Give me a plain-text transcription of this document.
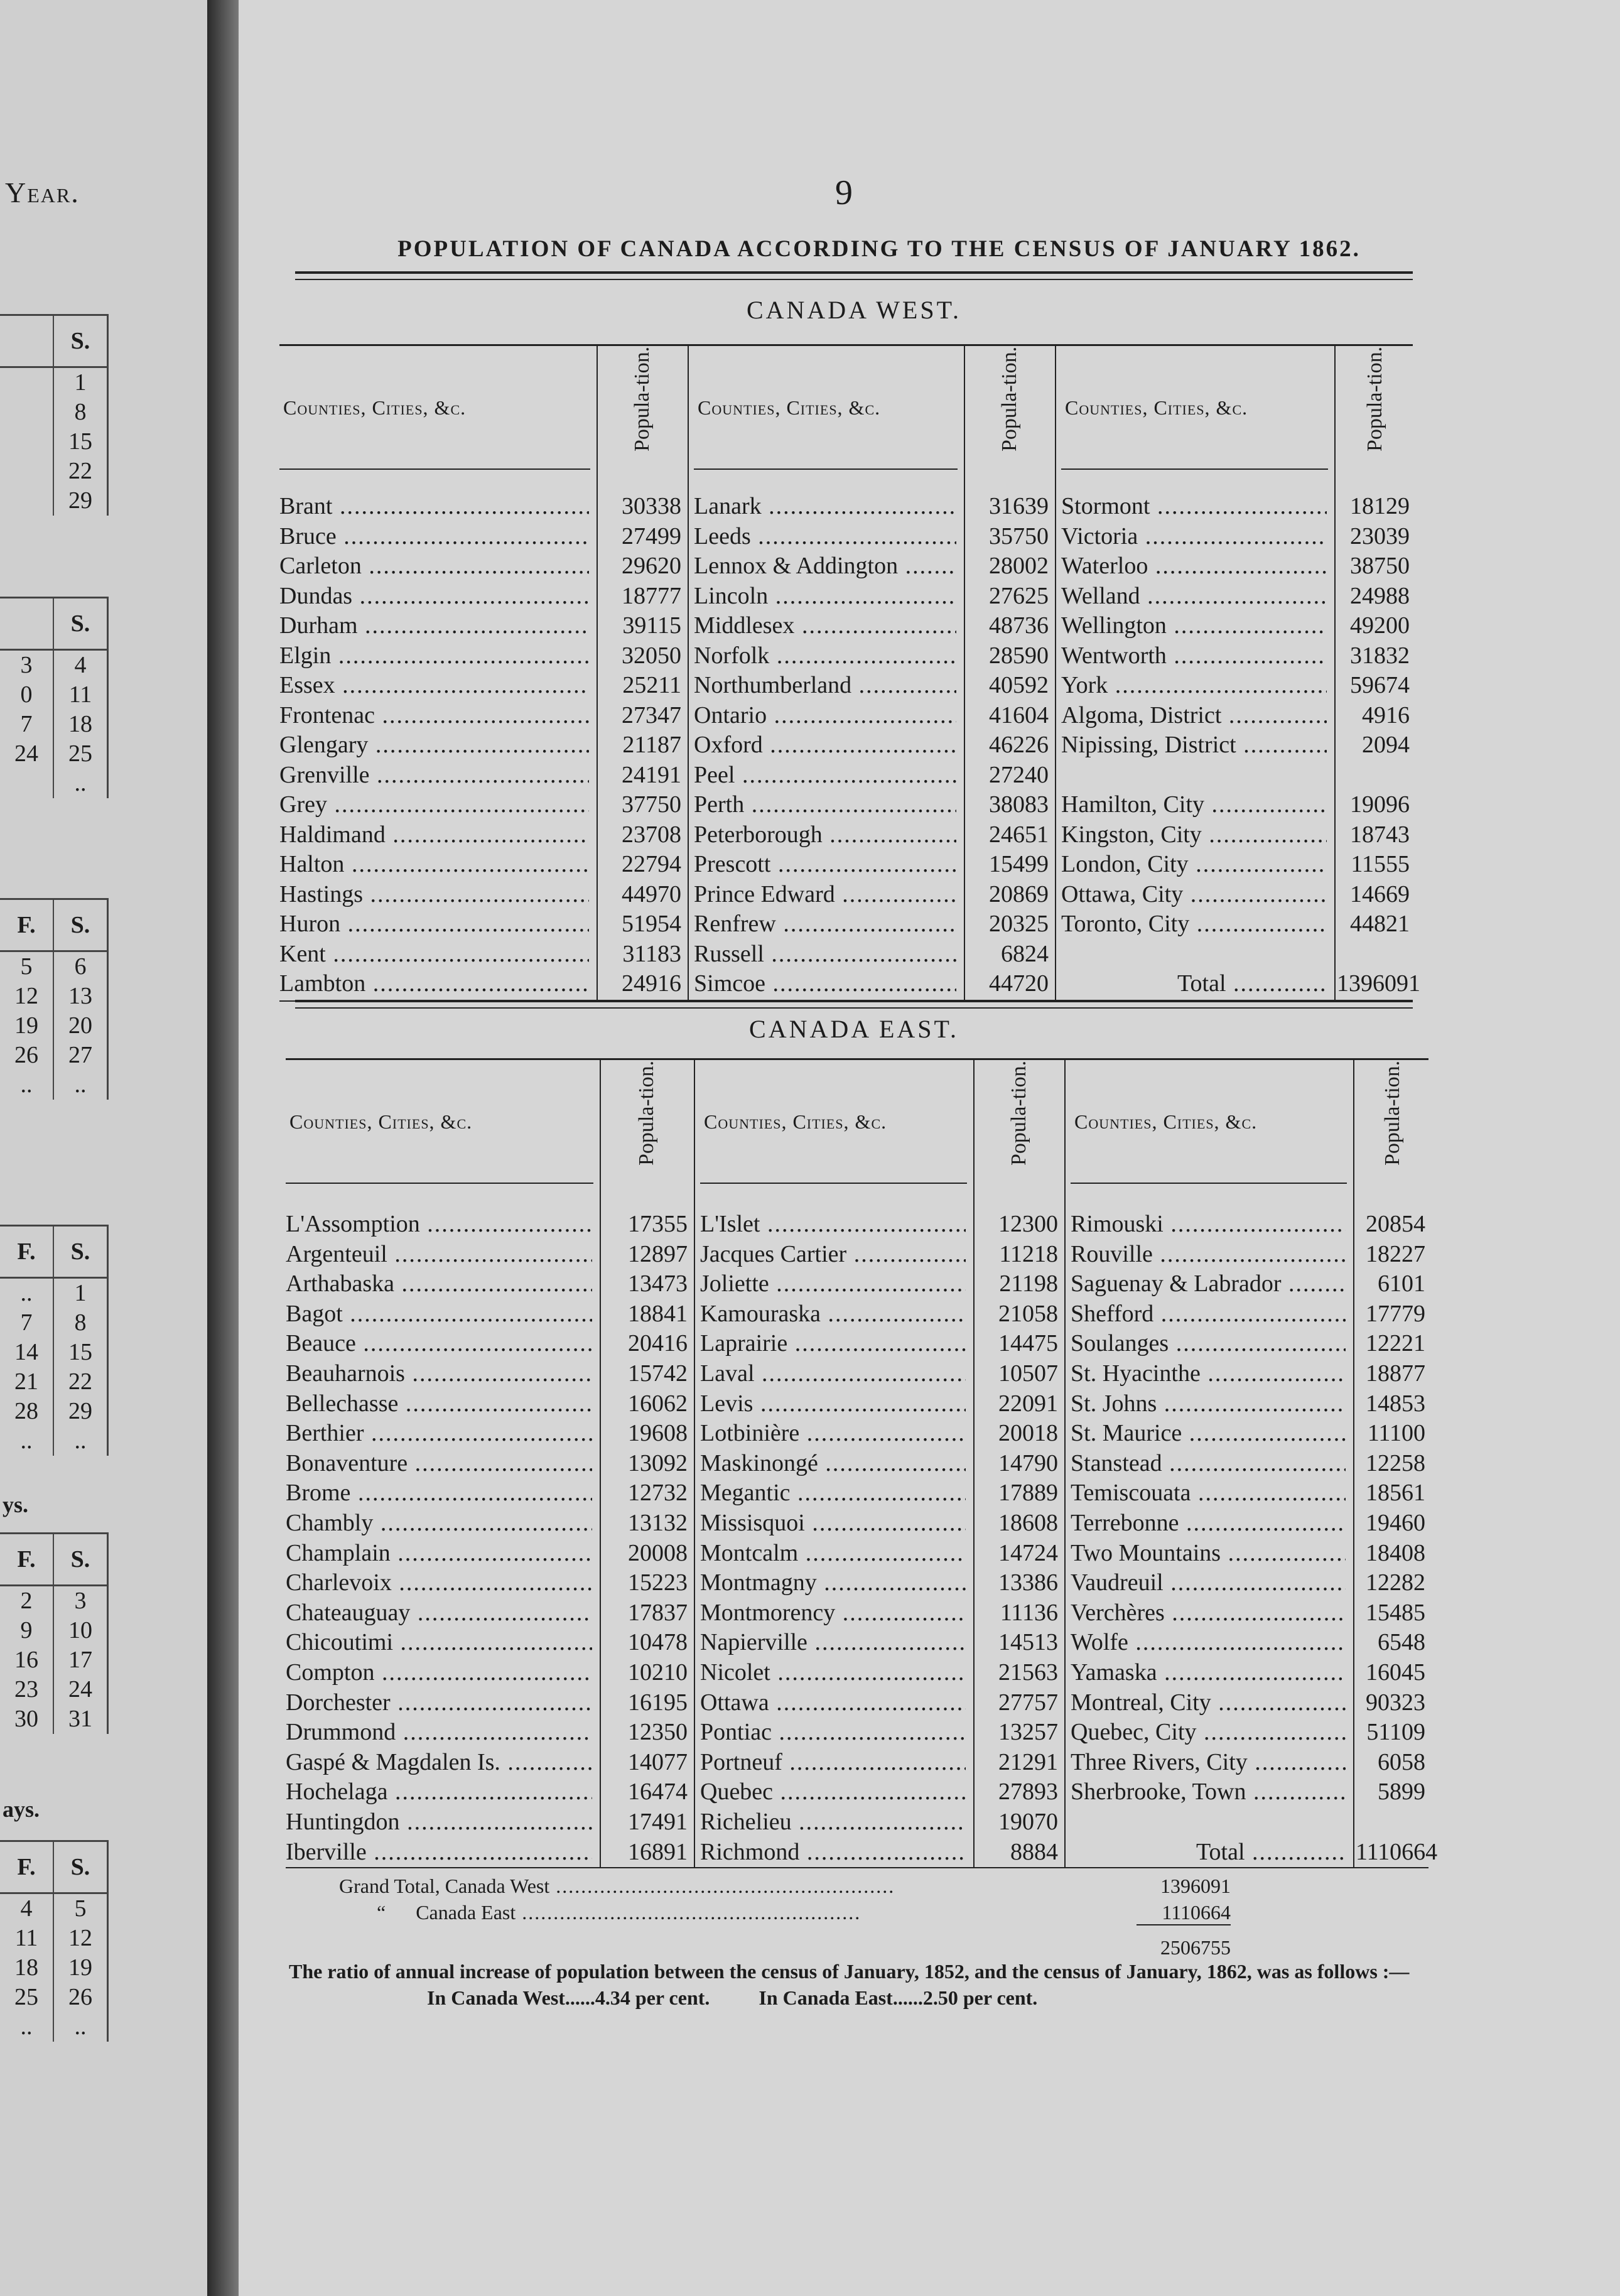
Year.
S.
1
8
15
22
29
S.
3	4
0	11
7	18
24	25
..
F.	S.
5	6
12	13
19	20
26	27
..	..
F.	S.
..	1
7	8
14	15
21	22
28	29
..	..
F.	S.
2	3
9	10
16	17
23	24
30	31
F.	S.
4	5
11	12
18	19
25	26
..	..
ys.
ays.
9
POPULATION OF CANADA ACCORDING TO THE CENSUS OF JANUARY 1862.
CANADA WEST.
Counties, Cities, &c.	Popula-tion.
Brant .....	30338
Bruce .....	27499
Carleton .....	29620
Dundas .....	18777
Durham .....	39115
Elgin .....	32050
Essex .....	25211
Frontenac .....	27347
Glengary .....	21187
Grenville .....	24191
Grey .....	37750
Haldimand .....	23708
Halton .....	22794
Hastings .....	44970
Huron .....	51954
Kent .....	31183
Lambton .....	24916
Counties, Cities, &c.	Popula-tion.
Lanark .....	31639
Leeds .....	35750
Lennox & Addington .....	28002
Lincoln .....	27625
Middlesex .....	48736
Norfolk .....	28590
Northumberland .....	40592
Ontario .....	41604
Oxford .....	46226
Peel .....	27240
Perth .....	38083
Peterborough .....	24651
Prescott .....	15499
Prince Edward .....	20869
Renfrew .....	20325
Russell .....	6824
Simcoe .....	44720
Counties, Cities, &c.	Popula-tion.
Stormont .....	18129
Victoria .....	23039
Waterloo .....	38750
Welland .....	24988
Wellington .....	49200
Wentworth .....	31832
York .....	59674
Algoma, District .....	4916
Nipissing, District .....	2094
Hamilton, City .....	19096
Kingston, City .....	18743
London, City .....	11555
Ottawa, City .....	14669
Toronto, City .....	44821
Total .....	1396091
CANADA EAST.
Counties, Cities, &c.	Popula-tion.
L'Assomption .....	17355
Argenteuil .....	12897
Arthabaska .....	13473
Bagot .....	18841
Beauce .....	20416
Beauharnois .....	15742
Bellechasse .....	16062
Berthier .....	19608
Bonaventure .....	13092
Brome .....	12732
Chambly .....	13132
Champlain .....	20008
Charlevoix .....	15223
Chateauguay .....	17837
Chicoutimi .....	10478
Compton .....	10210
Dorchester .....	16195
Drummond .....	12350
Gaspé & Magdalen Is. .....	14077
Hochelaga .....	16474
Huntingdon .....	17491
Iberville .....	16891
Counties, Cities, &c.	Popula-tion.
L'Islet .....	12300
Jacques Cartier .....	11218
Joliette .....	21198
Kamouraska .....	21058
Laprairie .....	14475
Laval .....	10507
Levis .....	22091
Lotbinière .....	20018
Maskinongé .....	14790
Megantic .....	17889
Missisquoi .....	18608
Montcalm .....	14724
Montmagny .....	13386
Montmorency .....	11136
Napierville .....	14513
Nicolet .....	21563
Ottawa .....	27757
Pontiac .....	13257
Portneuf .....	21291
Quebec .....	27893
Richelieu .....	19070
Richmond .....	8884
Counties, Cities, &c.	Popula-tion.
Rimouski .....	20854
Rouville .....	18227
Saguenay & Labrador .....	6101
Shefford .....	17779
Soulanges .....	12221
St. Hyacinthe .....	18877
St. Johns .....	14853
St. Maurice .....	11100
Stanstead .....	12258
Temiscouata .....	18561
Terrebonne .....	19460
Two Mountains .....	18408
Vaudreuil .....	12282
Verchères .....	15485
Wolfe .....	6548
Yamaska .....	16045
Montreal, City .....	90323
Quebec, City .....	51109
Three Rivers, City .....	6058
Sherbrooke, Town .....	5899
Total .....	1110664
Grand Total, Canada West .....	1396091
“ Canada East .....	1110664
2506755
The ratio of annual increase of population between the census of January, 1852, and the census of January, 1862, was as follows :—
In Canada West......4.34 per cent. In Canada East......2.50 per cent.
